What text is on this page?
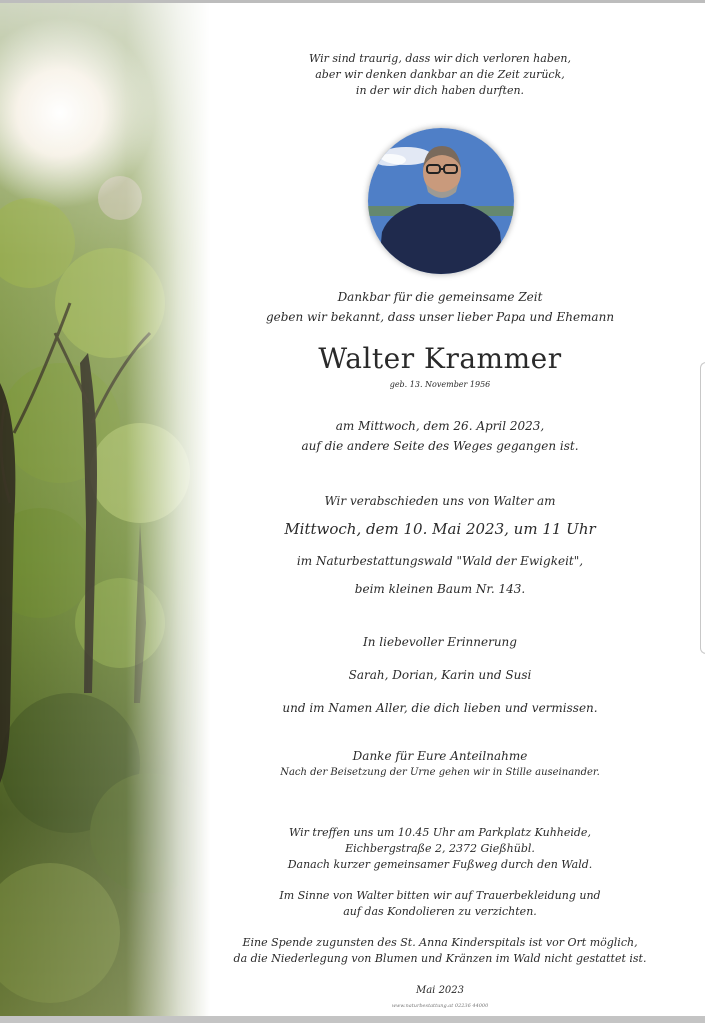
Wir sind traurig, dass wir dich verloren haben,
aber wir denken dankbar an die Zeit zurück,
in der wir dich haben durften.
Dankbar für die gemeinsame Zeit
geben wir bekannt, dass unser lieber Papa und Ehemann
Walter Krammer
geb. 13. November 1956
am Mittwoch, dem 26. April 2023,
auf die andere Seite des Weges gegangen ist.
Wir verabschieden uns von Walter am
Mittwoch, dem 10. Mai 2023, um 11 Uhr
im Naturbestattungswald "Wald der Ewigkeit",
beim kleinen Baum Nr. 143.
In liebevoller Erinnerung
Sarah, Dorian, Karin und Susi
und im Namen Aller, die dich lieben und vermissen.
Danke für Eure Anteilnahme
Nach der Beisetzung der Urne gehen wir in Stille auseinander.
Wir treffen uns um 10.45 Uhr am Parkplatz Kuhheide,
Eichbergstraße 2, 2372 Gießhübl.
Danach kurzer gemeinsamer Fußweg durch den Wald.
Im Sinne von Walter bitten wir auf Trauerbekleidung und
auf das Kondolieren zu verzichten.
Eine Spende zugunsten des St. Anna Kinderspitals ist vor Ort möglich,
da die Niederlegung von Blumen und Kränzen im Wald nicht gestattet ist.
Mai 2023
www.naturbestattung.at 02236 44000
